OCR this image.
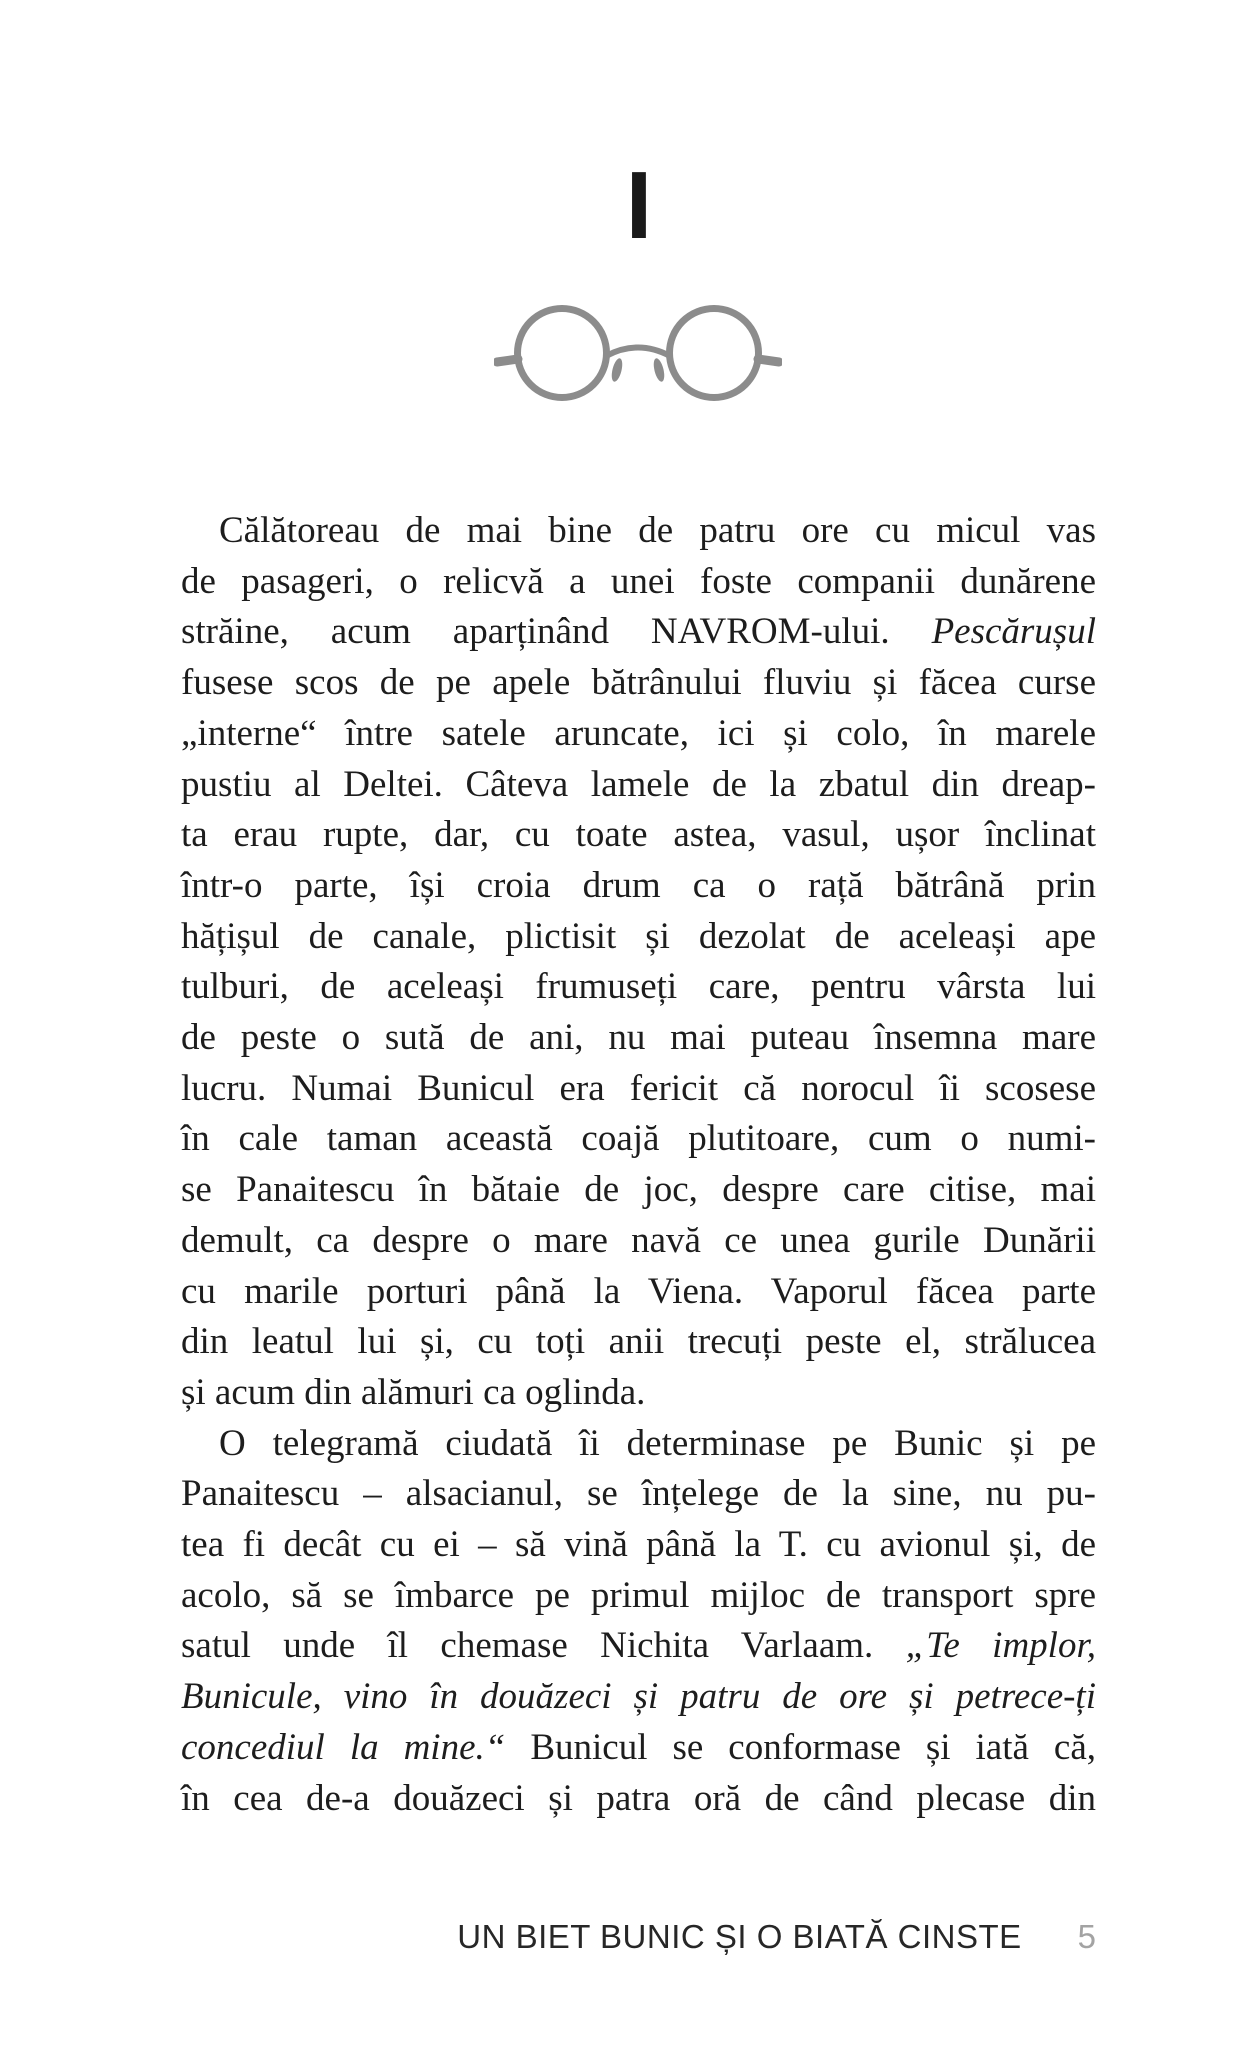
I
Călătoreau de mai bine de patru ore cu micul vas
de pasageri, o relicvă a unei foste companii dunărene
străine, acum aparținând NAVROM-ului. Pescărușul
fusese scos de pe apele bătrânului fluviu și făcea curse
„interne“ între satele aruncate, ici și colo, în marele
pustiu al Deltei. Câteva lamele de la zbatul din dreap-
ta erau rupte, dar, cu toate astea, vasul, ușor înclinat
într-o parte, își croia drum ca o rață bătrână prin
hățișul de canale, plictisit și dezolat de aceleași ape
tulburi, de aceleași frumuseți care, pentru vârsta lui
de peste o sută de ani, nu mai puteau însemna mare
lucru. Numai Bunicul era fericit că norocul îi scosese
în cale taman această coajă plutitoare, cum o numi-
se Panaitescu în bătaie de joc, despre care citise, mai
demult, ca despre o mare navă ce unea gurile Dunării
cu marile porturi până la Viena. Vaporul făcea parte
din leatul lui și, cu toți anii trecuți peste el, strălucea
și acum din alămuri ca oglinda.
O telegramă ciudată îi determinase pe Bunic și pe
Panaitescu – alsacianul, se înțelege de la sine, nu pu-
tea fi decât cu ei – să vină până la T. cu avionul și, de
acolo, să se îmbarce pe primul mijloc de transport spre
satul unde îl chemase Nichita Varlaam. „Te implor,
Bunicule, vino în douăzeci și patru de ore și petrece-ți
concediul la mine.“ Bunicul se conformase și iată că,
în cea de-a douăzeci și patra oră de când plecase din
UN BIET BUNIC ȘI O BIATĂ CINSTE 5
